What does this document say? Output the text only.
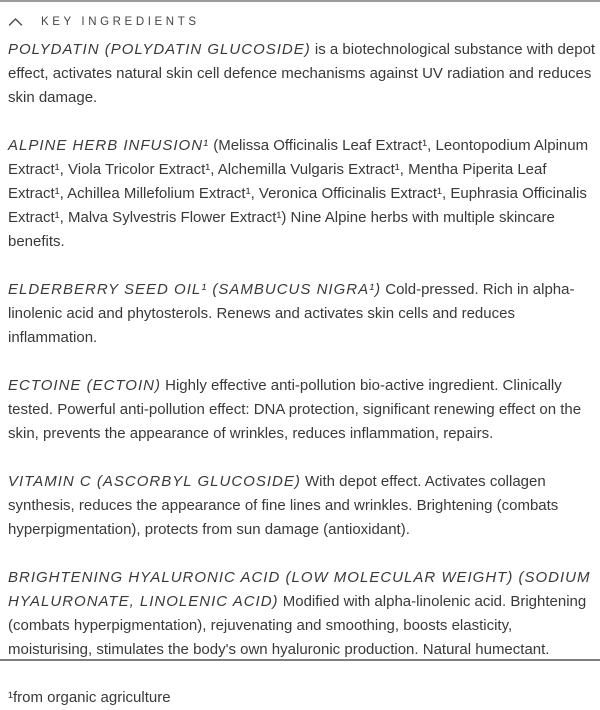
KEY INGREDIENTS

POLYDATIN (POLYDATIN GLUCOSIDE) is a biotechnological substance with depot effect, activates natural skin cell defence mechanisms against UV radiation and reduces skin damage.

ALPINE HERB INFUSION¹ (Melissa Officinalis Leaf Extract¹, Leontopodium Alpinum Extract¹, Viola Tricolor Extract¹, Alchemilla Vulgaris Extract¹, Mentha Piperita Leaf Extract¹, Achillea Millefolium Extract¹, Veronica Officinalis Extract¹, Euphrasia Officinalis Extract¹, Malva Sylvestris Flower Extract¹) Nine Alpine herbs with multiple skincare benefits.

ELDERBERRY SEED OIL¹ (SAMBUCUS NIGRA¹) Cold-pressed. Rich in alpha-linolenic acid and phytosterols. Renews and activates skin cells and reduces inflammation.

ECTOINE (ECTOIN) Highly effective anti-pollution bio-active ingredient. Clinically tested. Powerful anti-pollution effect: DNA protection, significant renewing effect on the skin, prevents the appearance of wrinkles, reduces inflammation, repairs.

VITAMIN C (ASCORBYL GLUCOSIDE) With depot effect. Activates collagen synthesis, reduces the appearance of fine lines and wrinkles. Brightening (combats hyperpigmentation), protects from sun damage (antioxidant).

BRIGHTENING HYALURONIC ACID (LOW MOLECULAR WEIGHT) (SODIUM HYALURONATE, LINOLENIC ACID) Modified with alpha-linolenic acid. Brightening (combats hyperpigmentation), rejuvenating and smoothing, boosts elasticity, moisturising, stimulates the body's own hyaluronic production. Natural humectant.

¹from organic agriculture
